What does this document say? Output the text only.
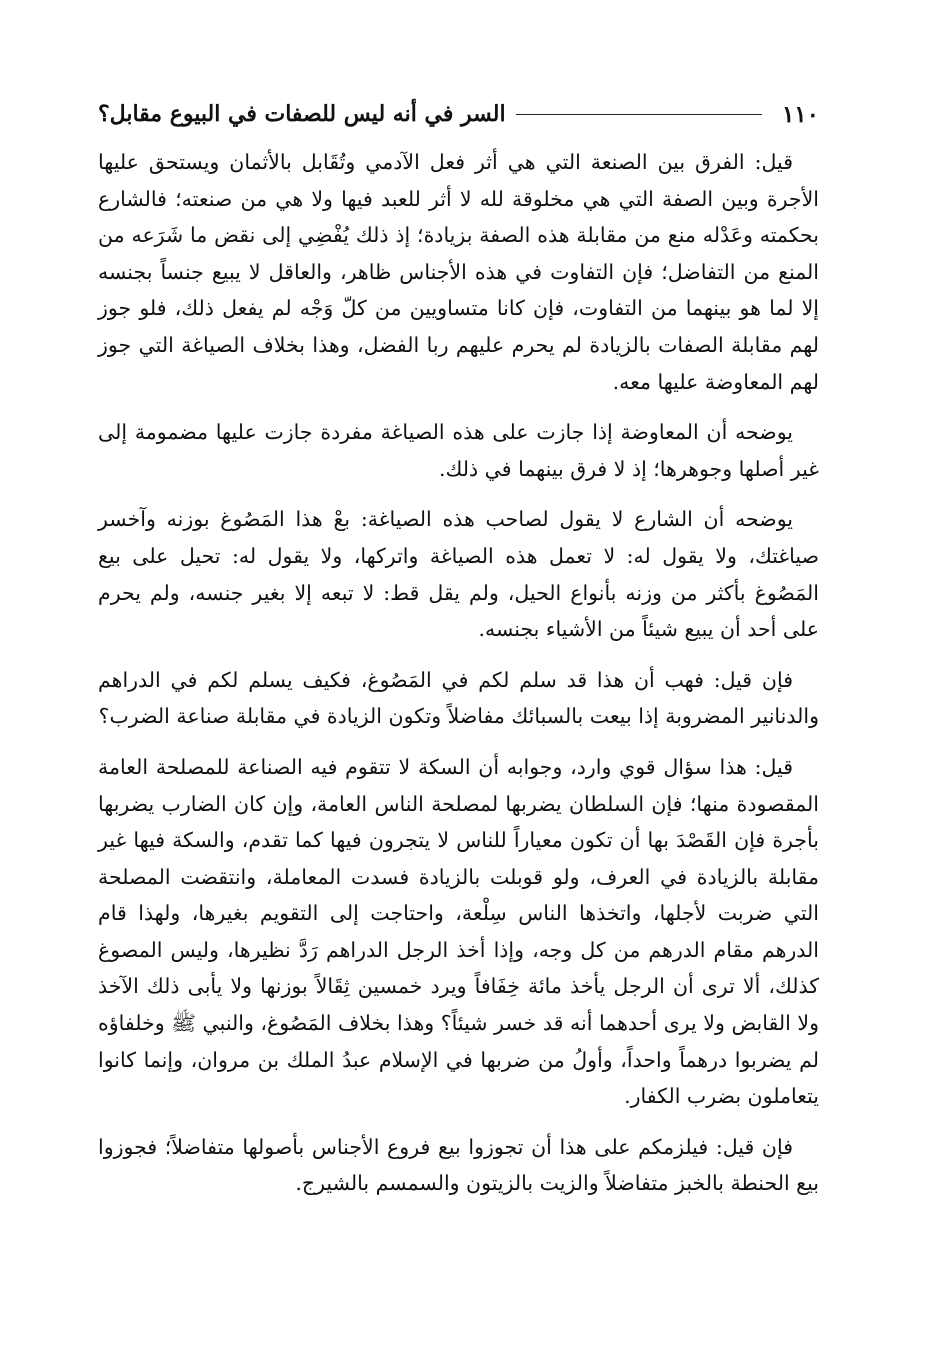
١١٠
السر في أنه ليس للصفات في البيوع مقابل؟

قيل: الفرق بين الصنعة التي هي أثر فعل الآدمي وتُقَابل بالأثمان ويستحق عليها الأجرة وبين الصفة التي هي مخلوقة لله لا أثر للعبد فيها ولا هي من صنعته؛ فالشارع بحكمته وعَدْله منع من مقابلة هذه الصفة بزيادة؛ إذ ذلك يُفْضِي إلى نقض ما شَرَعه من المنع من التفاضل؛ فإن التفاوت في هذه الأجناس ظاهر، والعاقل لا يبيع جنساً بجنسه إلا لما هو بينهما من التفاوت، فإن كانا متساويين من كلّ وَجْه لم يفعل ذلك، فلو جوز لهم مقابلة الصفات بالزيادة لم يحرم عليهم ربا الفضل، وهذا بخلاف الصياغة التي جوز لهم المعاوضة عليها معه.

يوضحه أن المعاوضة إذا جازت على هذه الصياغة مفردة جازت عليها مضمومة إلى غير أصلها وجوهرها؛ إذ لا فرق بينهما في ذلك.

يوضحه أن الشارع لا يقول لصاحب هذه الصياغة: بعْ هذا المَصُوغ بوزنه وآخسر صياغتك، ولا يقول له: لا تعمل هذه الصياغة واتركها، ولا يقول له: تحيل على بيع المَصُوغ بأكثر من وزنه بأنواع الحيل، ولم يقل قط: لا تبعه إلا بغير جنسه، ولم يحرم على أحد أن يبيع شيئاً من الأشياء بجنسه.

فإن قيل: فهب أن هذا قد سلم لكم في المَصُوغ، فكيف يسلم لكم في الدراهم والدنانير المضروبة إذا بيعت بالسبائك مفاضلاً وتكون الزيادة في مقابلة صناعة الضرب؟

قيل: هذا سؤال قوي وارد، وجوابه أن السكة لا تتقوم فيه الصناعة للمصلحة العامة المقصودة منها؛ فإن السلطان يضربها لمصلحة الناس العامة، وإن كان الضارب يضربها بأجرة فإن القَصْدَ بها أن تكون معياراً للناس لا يتجرون فيها كما تقدم، والسكة فيها غير مقابلة بالزيادة في العرف، ولو قوبلت بالزيادة فسدت المعاملة، وانتقضت المصلحة التي ضربت لأجلها، واتخذها الناس سِلْعة، واحتاجت إلى التقويم بغيرها، ولهذا قام الدرهم مقام الدرهم من كل وجه، وإذا أخذ الرجل الدراهم رَدَّ نظيرها، وليس المصوغ كذلك، ألا ترى أن الرجل يأخذ مائة خِفَافاً ويرد خمسين ثِقَالاً بوزنها ولا يأبى ذلك الآخذ ولا القابض ولا يرى أحدهما أنه قد خسر شيئاً؟ وهذا بخلاف المَصُوغ، والنبي ﷺ وخلفاؤه لم يضربوا درهماً واحداً، وأولُ من ضربها في الإسلام عبدُ الملك بن مروان، وإنما كانوا يتعاملون بضرب الكفار.

فإن قيل: فيلزمكم على هذا أن تجوزوا بيع فروع الأجناس بأصولها متفاضلاً؛ فجوزوا بيع الحنطة بالخبز متفاضلاً والزيت بالزيتون والسمسم بالشيرج.
